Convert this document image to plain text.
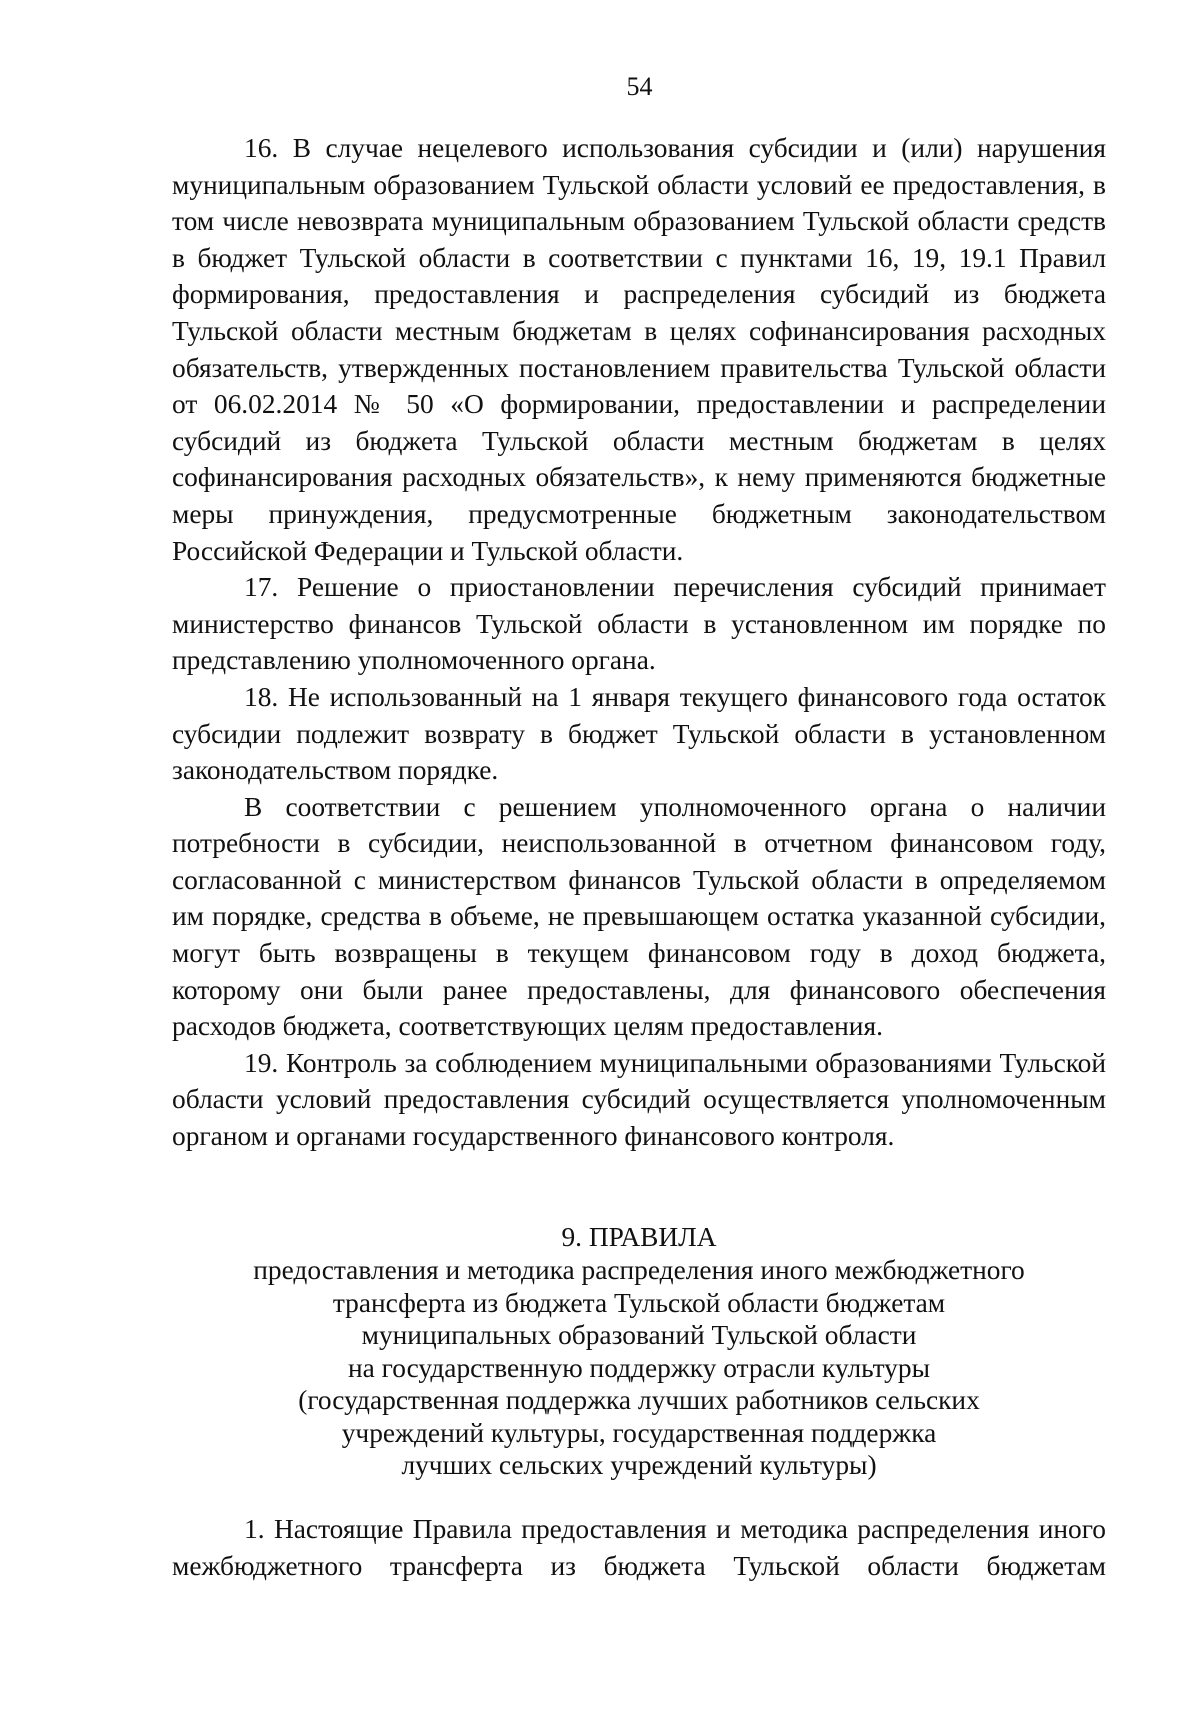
54

16. В случае нецелевого использования субсидии и (или) нарушения муниципальным образованием Тульской области условий ее предоставления, в том числе невозврата муниципальным образованием Тульской области средств в бюджет Тульской области в соответствии с пунктами 16, 19, 19.1 Правил формирования, предоставления и распределения субсидий из бюджета Тульской области местным бюджетам в целях софинансирования расходных обязательств, утвержденных постановлением правительства Тульской области от 06.02.2014 № 50 «О формировании, предоставлении и распределении субсидий из бюджета Тульской области местным бюджетам в целях софинансирования расходных обязательств», к нему применяются бюджетные меры принуждения, предусмотренные бюджетным законодательством Российской Федерации и Тульской области.

17. Решение о приостановлении перечисления субсидий принимает министерство финансов Тульской области в установленном им порядке по представлению уполномоченного органа.

18. Не использованный на 1 января текущего финансового года остаток субсидии подлежит возврату в бюджет Тульской области в установленном законодательством порядке.

В соответствии с решением уполномоченного органа о наличии потребности в субсидии, неиспользованной в отчетном финансовом году, согласованной с министерством финансов Тульской области в определяемом им порядке, средства в объеме, не превышающем остатка указанной субсидии, могут быть возвращены в текущем финансовом году в доход бюджета, которому они были ранее предоставлены, для финансового обеспечения расходов бюджета, соответствующих целям предоставления.

19. Контроль за соблюдением муниципальными образованиями Тульской области условий предоставления субсидий осуществляется уполномоченным органом и органами государственного финансового контроля.

9. ПРАВИЛА
предоставления и методика распределения иного межбюджетного
трансферта из бюджета Тульской области бюджетам
муниципальных образований Тульской области
на государственную поддержку отрасли культуры
(государственная поддержка лучших работников сельских
учреждений культуры, государственная поддержка
лучших сельских учреждений культуры)

1. Настоящие Правила предоставления и методика распределения иного межбюджетного трансферта из бюджета Тульской области бюджетам
